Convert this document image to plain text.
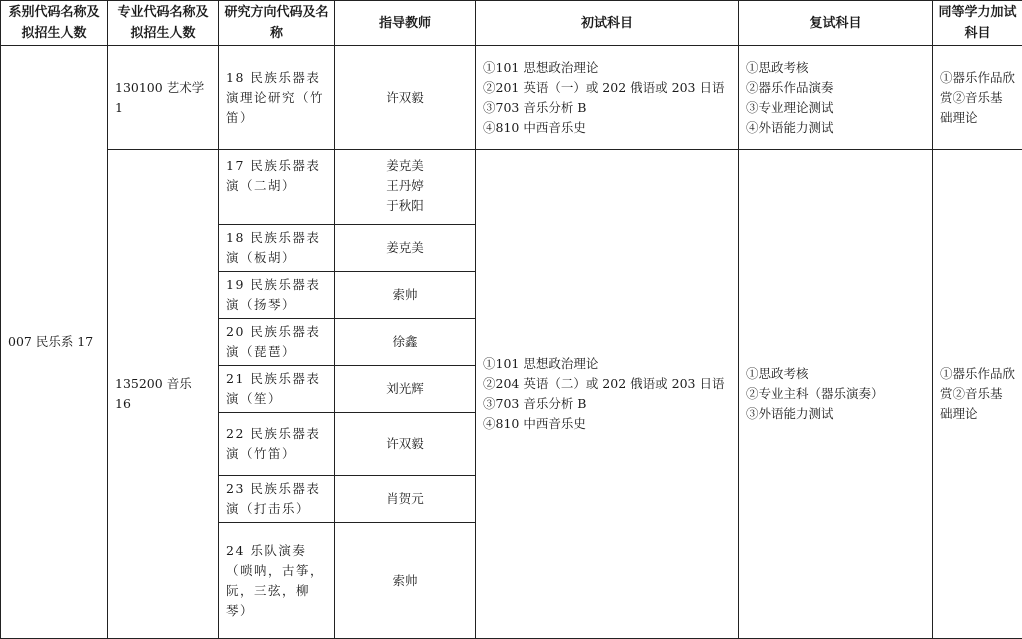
系别代码名称及拟招生人数	专业代码名称及拟招生人数	研究方向代码及名称	指导教师	初试科目	复试科目	同等学力加试科目
007 民乐系 17	130100 艺术学 1	18 民族乐器表演理论研究（竹笛）	许双毅	①101 思想政治理论
②201 英语（一）或 202 俄语或 203 日语
③703 音乐分析 B
④810 中西音乐史	①思政考核
②器乐作品演奏
③专业理论测试
④外语能力测试	①器乐作品欣赏②音乐基础理论
	135200 音乐 16	17 民族乐器表演（二胡）	姜克美
王丹婷
于秋阳	①101 思想政治理论
②204 英语（二）或 202 俄语或 203 日语
③703 音乐分析 B
④810 中西音乐史	①思政考核
②专业主科（器乐演奏）
③外语能力测试	①器乐作品欣赏②音乐基础理论
		18 民族乐器表演（板胡）	姜克美			
		19 民族乐器表演（扬琴）	索帅			
		20 民族乐器表演（琵琶）	徐鑫			
		21 民族乐器表演（笙）	刘光辉			
		22 民族乐器表演（竹笛）	许双毅			
		23 民族乐器表演（打击乐）	肖贺元			
		24 乐队演奏（唢呐，古筝，阮，三弦，柳琴）	索帅			
